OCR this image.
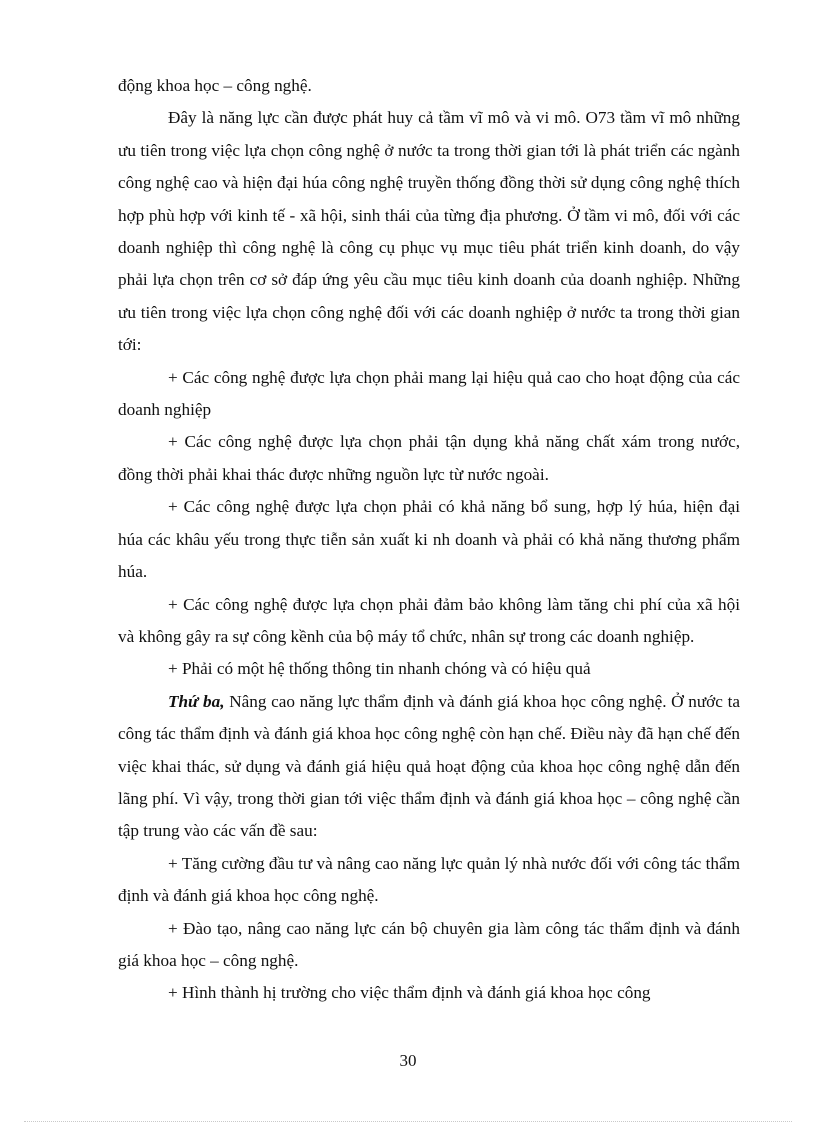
động khoa học – công nghệ.

Đây là năng lực cần được phát huy cả tầm vĩ mô và vi mô. O73 tầm vĩ mô những ưu tiên trong việc lựa chọn công nghệ ở nước ta trong thời gian tới là phát triển các ngành công nghệ cao và hiện đại húa công nghệ truyền thống đồng thời sử dụng công nghệ thích hợp phù hợp với kinh tế - xã hội, sinh thái của từng địa phương. Ở tầm vi mô, đối với các doanh nghiệp thì công nghệ là công cụ phục vụ mục tiêu phát triển kinh doanh, do vậy phải lựa chọn trên cơ sở đáp ứng yêu cầu mục tiêu kinh doanh của doanh nghiệp. Những ưu tiên trong việc lựa chọn công nghệ đối với các doanh nghiệp ở nước ta trong thời gian tới:

+ Các công nghệ được lựa chọn phải mang lại hiệu quả cao cho hoạt động của các doanh nghiệp

+ Các công nghệ được lựa chọn phải tận dụng khả năng chất xám trong nước, đồng thời phải khai thác được những nguồn lực từ nước ngoài.

+ Các công nghệ được lựa chọn phải có khả năng bổ sung, hợp lý húa, hiện đại húa các khâu yếu trong thực tiễn sản xuất ki nh doanh và phải có khả năng thương phẩm húa.

+ Các công nghệ được lựa chọn phải đảm bảo không làm tăng chi phí của xã hội và không gây ra sự công kềnh của bộ máy tổ chức, nhân sự trong các doanh nghiệp.

+ Phải có một hệ thống thông tin nhanh chóng và có hiệu quả

Thứ ba, Nâng cao năng lực thẩm định và đánh giá khoa học công nghệ. Ở nước ta công tác thẩm định và đánh giá khoa học công nghệ còn hạn chế. Điều này đã hạn chế đến việc khai thác, sử dụng và đánh giá hiệu quả hoạt động của khoa học công nghệ dẫn đến lãng phí. Vì vậy, trong thời gian tới việc thẩm định và đánh giá khoa học – công nghệ cần tập trung vào các vấn đề sau:

+ Tăng cường đầu tư và nâng cao năng lực quản lý nhà nước đối với công tác thẩm định và đánh giá khoa học công nghệ.

+ Đào tạo, nâng cao năng lực cán bộ chuyên gia làm công tác thẩm định và đánh giá khoa học – công nghệ.

+ Hình thành hị trường cho việc thẩm định và đánh giá khoa học công

30
